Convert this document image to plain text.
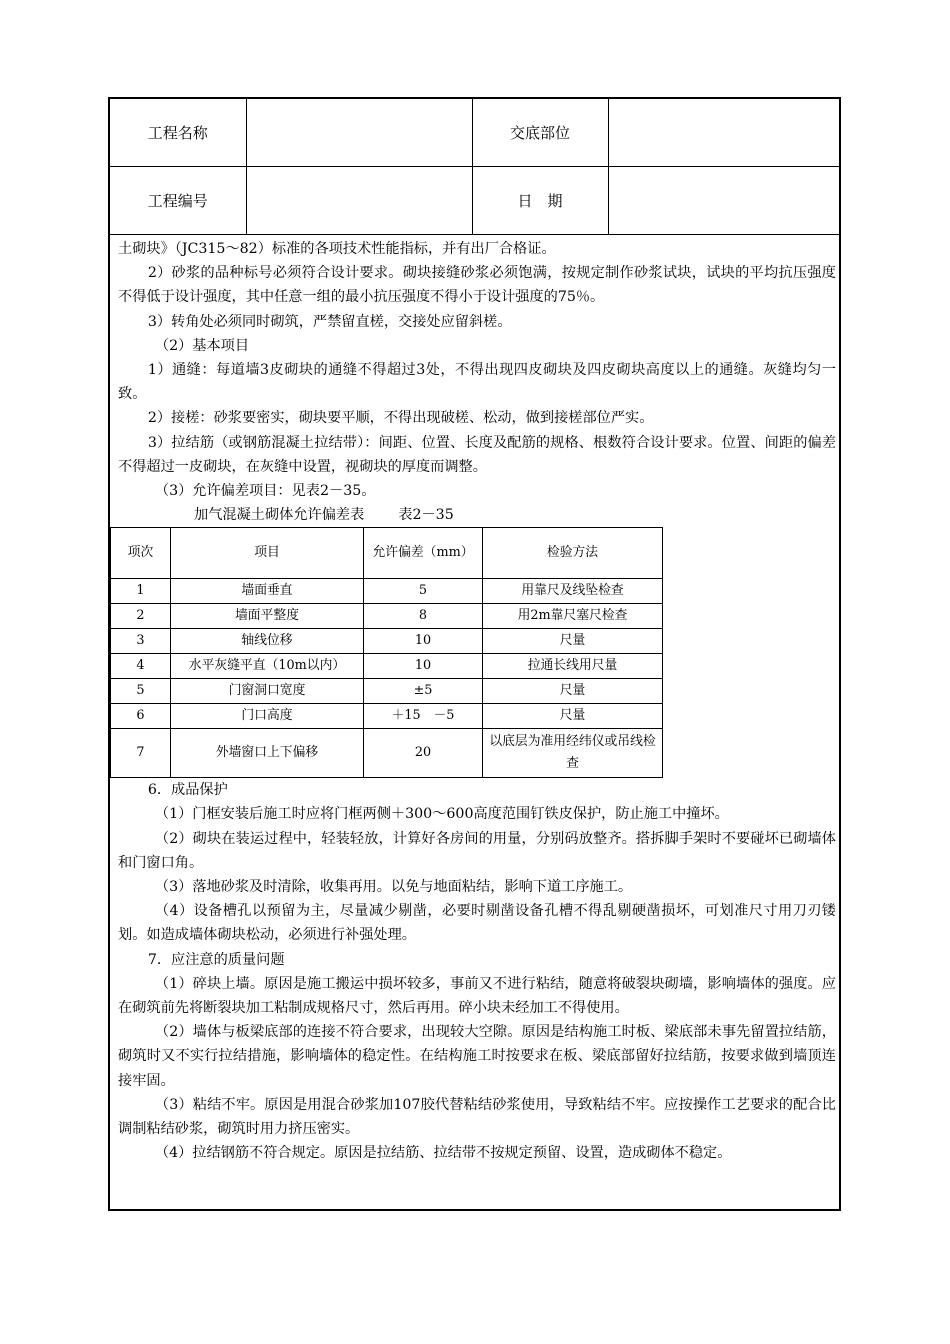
工程名称		交底部位	
工程编号		日　期	

土砌块》（JC315～82）标准的各项技术性能指标，并有出厂合格证。

2）砂浆的品种标号必须符合设计要求。砌块接缝砂浆必须饱满，按规定制作砂浆试块，试块的平均抗压强度不得低于设计强度，其中任意一组的最小抗压强度不得小于设计强度的75％。

3）转角处必须同时砌筑，严禁留直槎，交接处应留斜槎。

（2）基本项目

1）通缝：每道墙3皮砌块的通缝不得超过3处，不得出现四皮砌块及四皮砌块高度以上的通缝。灰缝均匀一致。

2）接槎：砂浆要密实，砌块要平顺，不得出现破槎、松动，做到接槎部位严实。

3）拉结筋（或钢筋混凝土拉结带）：间距、位置、长度及配筋的规格、根数符合设计要求。位置、间距的偏差不得超过一皮砌块，在灰缝中设置，视砌块的厚度而调整。

（3）允许偏差项目：见表2－35。

加气混凝土砌体允许偏差表 表2－35

项次	项目	允许偏差（mm）	检验方法
1	墙面垂直	5	用靠尺及线坠检查
2	墙面平整度	8	用2m靠尺塞尺检查
3	轴线位移	10	尺量
4	水平灰缝平直（10m以内）	10	拉通长线用尺量
5	门窗洞口宽度	±5	尺量
6	门口高度	＋15　－5	尺量
7	外墙窗口上下偏移	20	以底层为准用经纬仪或吊线检查

6．成品保护

（1）门框安装后施工时应将门框两侧＋300～600高度范围钉铁皮保护，防止施工中撞坏。

（2）砌块在装运过程中，轻装轻放，计算好各房间的用量，分别码放整齐。搭拆脚手架时不要碰坏已砌墙体和门窗口角。

（3）落地砂浆及时清除，收集再用。以免与地面粘结，影响下道工序施工。

（4）设备槽孔以预留为主，尽量减少剔凿，必要时剔凿设备孔槽不得乱剔硬凿损坏，可划准尺寸用刀刃镂划。如造成墙体砌块松动，必须进行补强处理。

7．应注意的质量问题

（1）碎块上墙。原因是施工搬运中损坏较多，事前又不进行粘结，随意将破裂块砌墙，影响墙体的强度。应在砌筑前先将断裂块加工粘制成规格尺寸，然后再用。碎小块未经加工不得使用。

（2）墙体与板梁底部的连接不符合要求，出现较大空隙。原因是结构施工时板、梁底部未事先留置拉结筋，砌筑时又不实行拉结措施，影响墙体的稳定性。在结构施工时按要求在板、梁底部留好拉结筋，按要求做到墙顶连接牢固。

（3）粘结不牢。原因是用混合砂浆加107胶代替粘结砂浆使用，导致粘结不牢。应按操作工艺要求的配合比调制粘结砂浆，砌筑时用力挤压密实。

（4）拉结钢筋不符合规定。原因是拉结筋、拉结带不按规定预留、设置，造成砌体不稳定。
